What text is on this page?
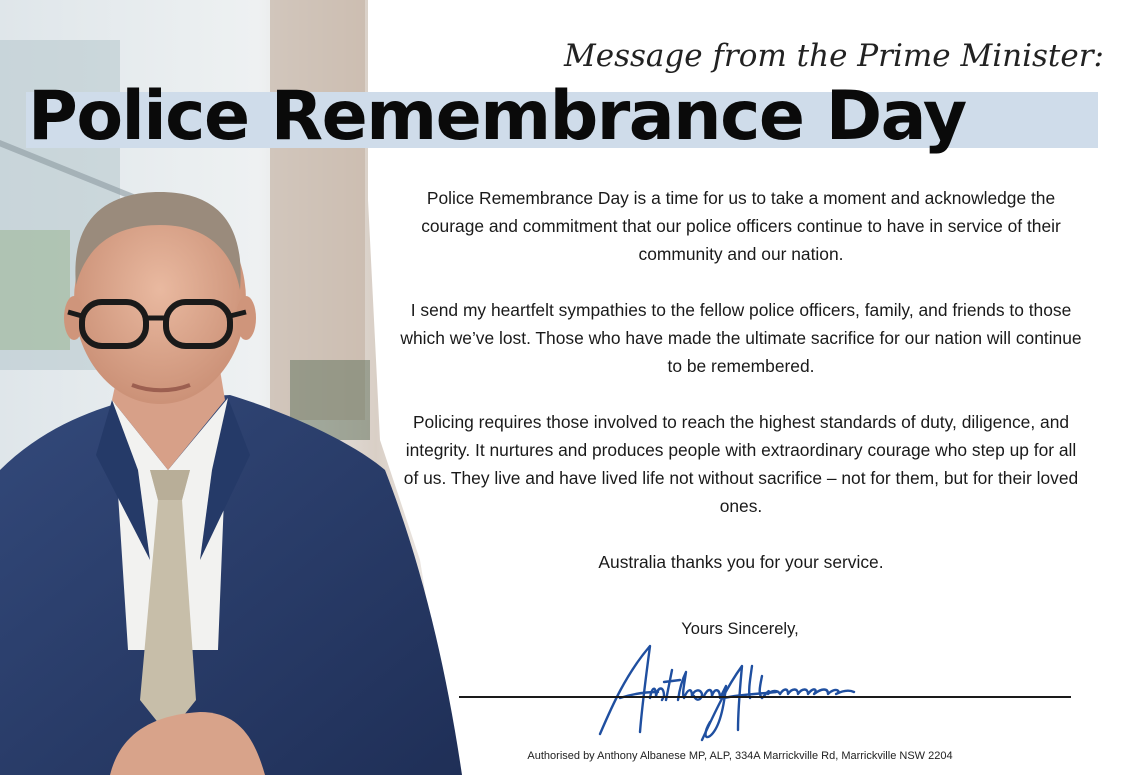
Message from the Prime Minister:
Police Remembrance Day

Police Remembrance Day is a time for us to take a moment and acknowledge the courage and commitment that our police officers continue to have in service of their community and our nation.

I send my heartfelt sympathies to the fellow police officers, family, and friends to those which we’ve lost. Those who have made the ultimate sacrifice for our nation will continue to be remembered.

Policing requires those involved to reach the highest standards of duty, diligence, and integrity. It nurtures and produces people with extraordinary courage who step up for all of us. They live and have lived life not without sacrifice – not for them, but for their loved ones.

Australia thanks you for your service.

Yours Sincerely,
Authorised by Anthony Albanese MP, ALP, 334A Marrickville Rd, Marrickville NSW 2204
